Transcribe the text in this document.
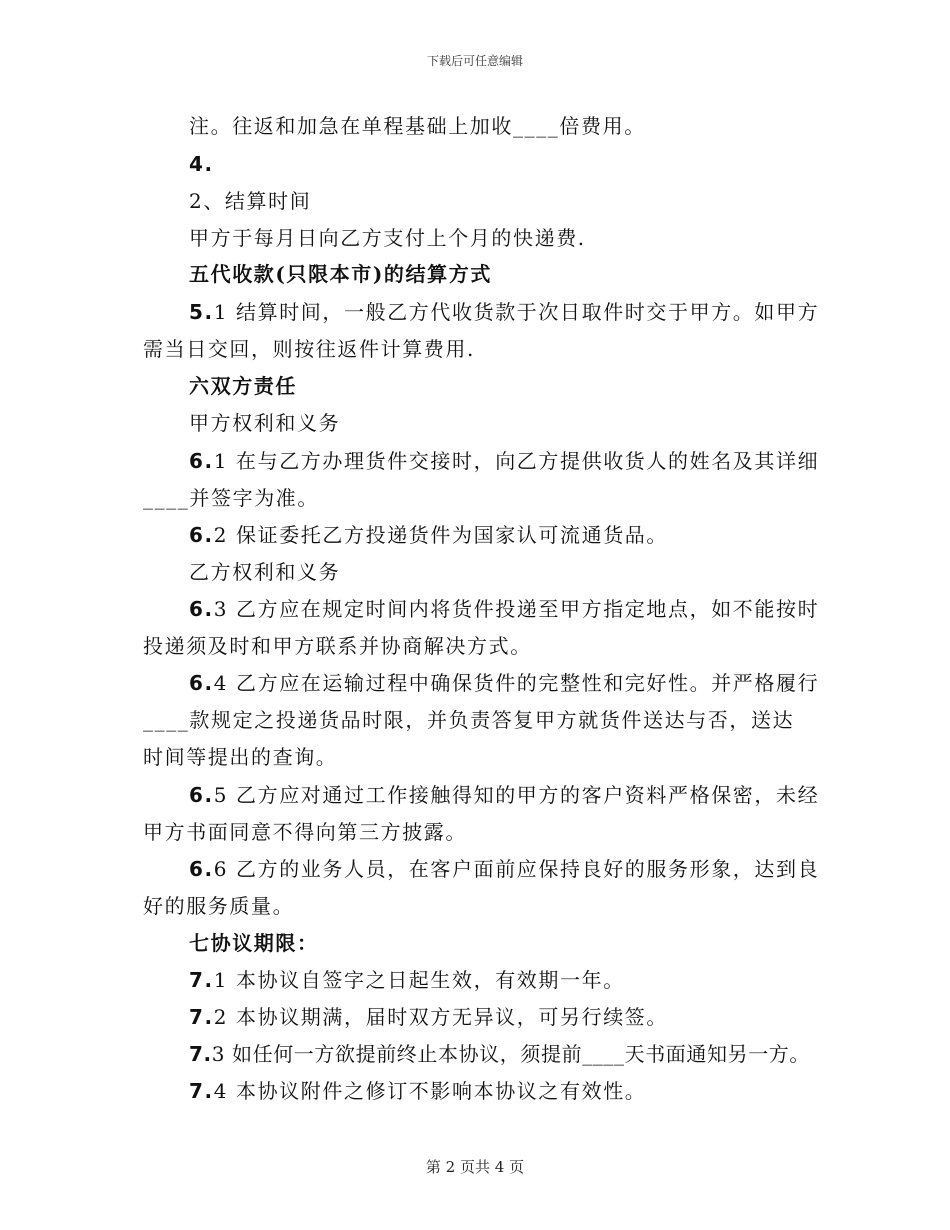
下载后可任意编辑
注。往返和加急在单程基础上加收____倍费用。
4.
2、结算时间
甲方于每月日向乙方支付上个月的快递费.
五代收款(只限本市)的结算方式
5.1 结算时间，一般乙方代收货款于次日取件时交于甲方。如甲方
需当日交回，则按往返件计算费用.
六双方责任
甲方权利和义务
6.1 在与乙方办理货件交接时，向乙方提供收货人的姓名及其详细
____并签字为准。
6.2 保证委托乙方投递货件为国家认可流通货品。
乙方权利和义务
6.3 乙方应在规定时间内将货件投递至甲方指定地点，如不能按时
投递须及时和甲方联系并协商解决方式。
6.4 乙方应在运输过程中确保货件的完整性和完好性。并严格履行
____款规定之投递货品时限，并负责答复甲方就货件送达与否，送达
时间等提出的查询。
6.5 乙方应对通过工作接触得知的甲方的客户资料严格保密，未经
甲方书面同意不得向第三方披露。
6.6 乙方的业务人员，在客户面前应保持良好的服务形象，达到良
好的服务质量。
七协议期限：
7.1 本协议自签字之日起生效，有效期一年。
7.2 本协议期满，届时双方无异议，可另行续签。
7.3 如任何一方欲提前终止本协议，须提前____天书面通知另一方。
7.4 本协议附件之修订不影响本协议之有效性。
第 2 页共 4 页
